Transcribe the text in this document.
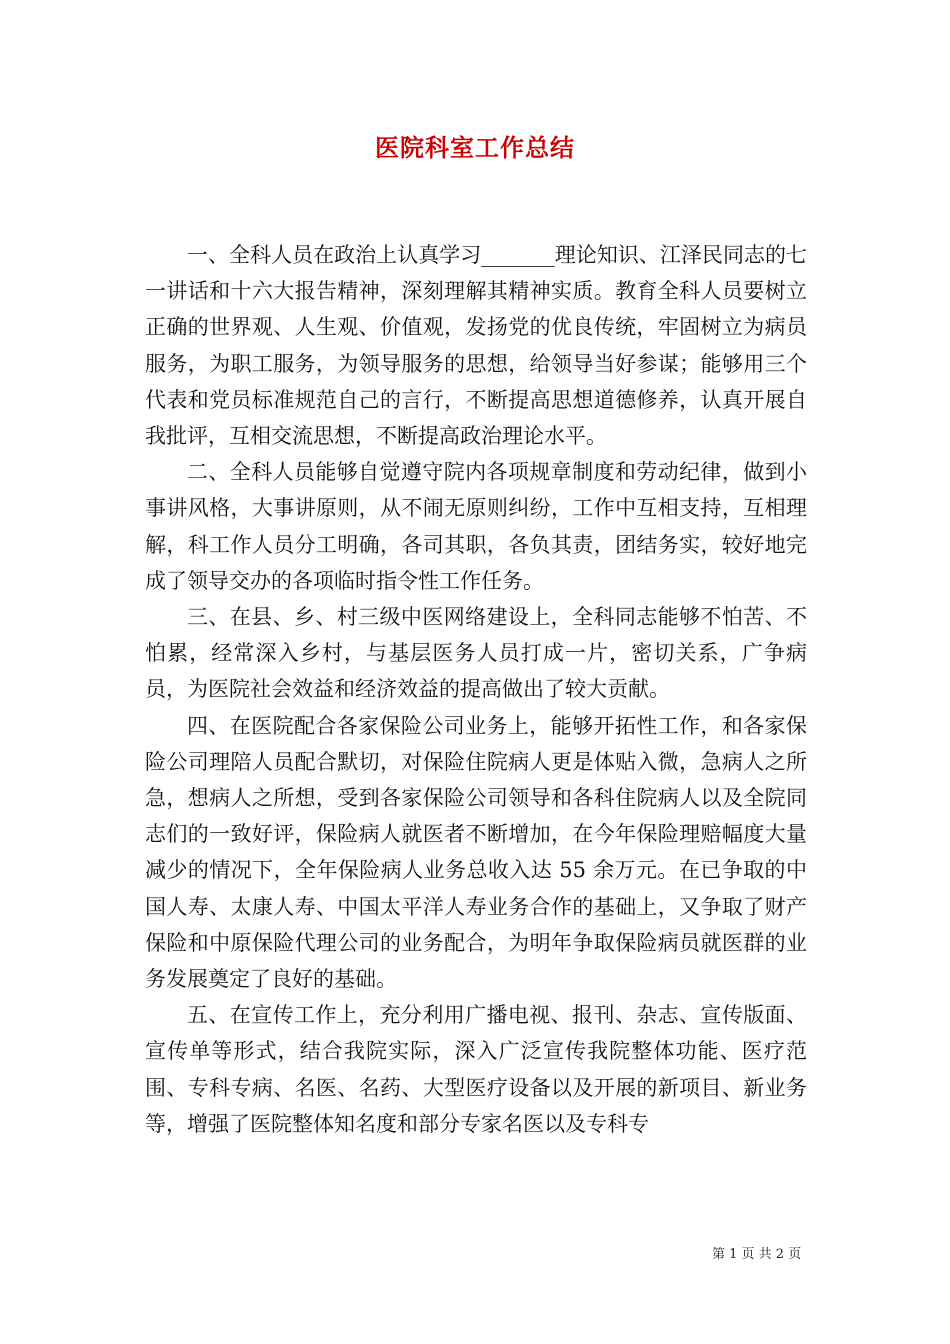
医院科室工作总结

一、全科人员在政治上认真学习_______理论知识、江泽民同志的七一讲话和十六大报告精神，深刻理解其精神实质。教育全科人员要树立正确的世界观、人生观、价值观，发扬党的优良传统，牢固树立为病员服务，为职工服务，为领导服务的思想，给领导当好参谋；能够用三个代表和党员标准规范自己的言行，不断提高思想道德修养，认真开展自我批评，互相交流思想，不断提高政治理论水平。

二、全科人员能够自觉遵守院内各项规章制度和劳动纪律，做到小事讲风格，大事讲原则，从不闹无原则纠纷，工作中互相支持，互相理解，科工作人员分工明确，各司其职，各负其责，团结务实，较好地完成了领导交办的各项临时指令性工作任务。

三、在县、乡、村三级中医网络建设上，全科同志能够不怕苦、不怕累，经常深入乡村，与基层医务人员打成一片，密切关系，广争病员，为医院社会效益和经济效益的提高做出了较大贡献。

四、在医院配合各家保险公司业务上，能够开拓性工作，和各家保险公司理陪人员配合默切，对保险住院病人更是体贴入微，急病人之所急，想病人之所想，受到各家保险公司领导和各科住院病人以及全院同志们的一致好评，保险病人就医者不断增加，在今年保险理赔幅度大量减少的情况下，全年保险病人业务总收入达 55 余万元。在已争取的中国人寿、太康人寿、中国太平洋人寿业务合作的基础上，又争取了财产保险和中原保险代理公司的业务配合，为明年争取保险病员就医群的业务发展奠定了良好的基础。

五、在宣传工作上，充分利用广播电视、报刊、杂志、宣传版面、宣传单等形式，结合我院实际，深入广泛宣传我院整体功能、医疗范围、专科专病、名医、名药、大型医疗设备以及开展的新项目、新业务等，增强了医院整体知名度和部分专家名医以及专科专

第 1 页 共 2 页
